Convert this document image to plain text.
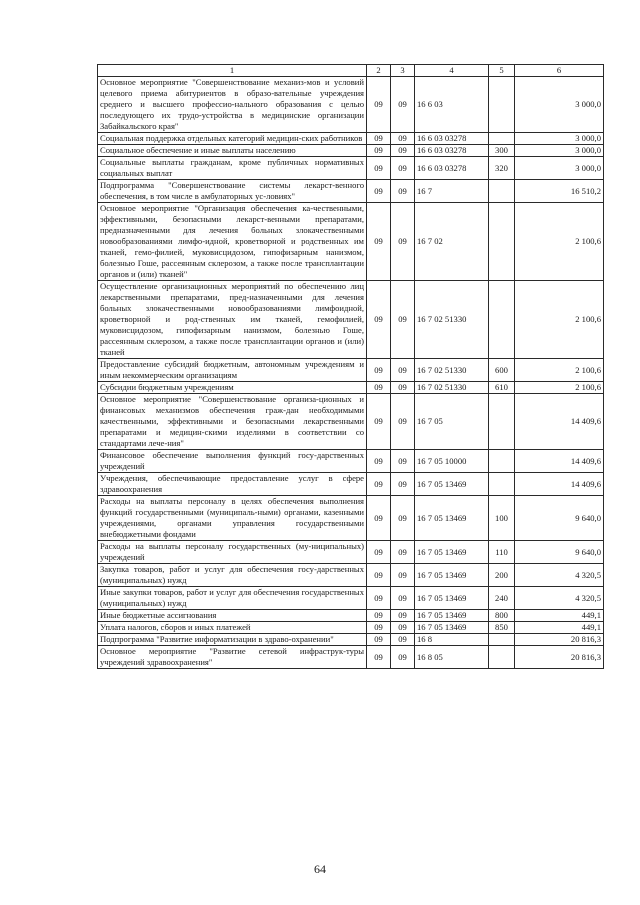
1	2	3	4	5	6
Основное мероприятие "Совершенствование механиз-мов и условий целевого приема абитуриентов в образо-вательные учреждения среднего и высшего профессио-нального образования с целью последующего их трудо-устройства в медицинские организации Забайкальского края"	09	09	16 6 03		3 000,0
Социальная поддержка отдельных категорий медицин-ских работников	09	09	16 6 03 03278		3 000,0
Социальное обеспечение и иные выплаты населению	09	09	16 6 03 03278	300	3 000,0
Социальные выплаты гражданам, кроме публичных нормативных социальных выплат	09	09	16 6 03 03278	320	3 000,0
Подпрограмма "Совершенствование системы лекарст-венного обеспечения, в том числе в амбулаторных ус-ловиях"	09	09	16 7		16 510,2
Основное мероприятие "Организация обеспечения ка-чественными, эффективными, безопасными лекарст-венными препаратами, предназначенными для лечения больных злокачественными новообразованиями лимфо-идной, кроветворной и родственных им тканей, гемо-филией, муковисцидозом, гипофизарным нанизмом, болезнью Гоше, рассеянным склерозом, а также после трансплантации органов и (или) тканей"	09	09	16 7 02		2 100,6
Осуществление организационных мероприятий по обеспечению лиц лекарственными препаратами, пред-назначенными для лечения больных злокачественными новообразованиями лимфоидной, кроветворной и род-ственных им тканей, гемофилией, муковисцидозом, гипофизарным нанизмом, болезнью Гоше, рассеянным склерозом, а также после трансплантации органов и (или) тканей	09	09	16 7 02 51330		2 100,6
Предоставление субсидий бюджетным, автономным учреждениям и иным некоммерческим организациям	09	09	16 7 02 51330	600	2 100,6
Субсидии бюджетным учреждениям	09	09	16 7 02 51330	610	2 100,6
Основное мероприятие "Совершенствование организа-ционных и финансовых механизмов обеспечения граж-дан необходимыми качественными, эффективными и безопасными лекарственными препаратами и медицин-скими изделиями в соответствии со стандартами лече-ния"	09	09	16 7 05		14 409,6
Финансовое обеспечение выполнения функций госу-дарственных учреждений	09	09	16 7 05 10000		14 409,6
Учреждения, обеспечивающие предоставление услуг в сфере здравоохранения	09	09	16 7 05 13469		14 409,6
Расходы на выплаты персоналу в целях обеспечения выполнения функций государственными (муниципаль-ными) органами, казенными учреждениями, органами управления государственными внебюджетными фондами	09	09	16 7 05 13469	100	9 640,0
Расходы на выплаты персоналу государственных (му-ниципальных) учреждений	09	09	16 7 05 13469	110	9 640,0
Закупка товаров, работ и услуг для обеспечения госу-дарственных (муниципальных) нужд	09	09	16 7 05 13469	200	4 320,5
Иные закупки товаров, работ и услуг для обеспечения государственных (муниципальных) нужд	09	09	16 7 05 13469	240	4 320,5
Иные бюджетные ассигнования	09	09	16 7 05 13469	800	449,1
Уплата налогов, сборов и иных платежей	09	09	16 7 05 13469	850	449,1
Подпрограмма "Развитие информатизации в здраво-охранении"	09	09	16 8		20 816,3
Основное мероприятие "Развитие сетевой инфраструк-туры учреждений здравоохранения"	09	09	16 8 05		20 816,3
64
